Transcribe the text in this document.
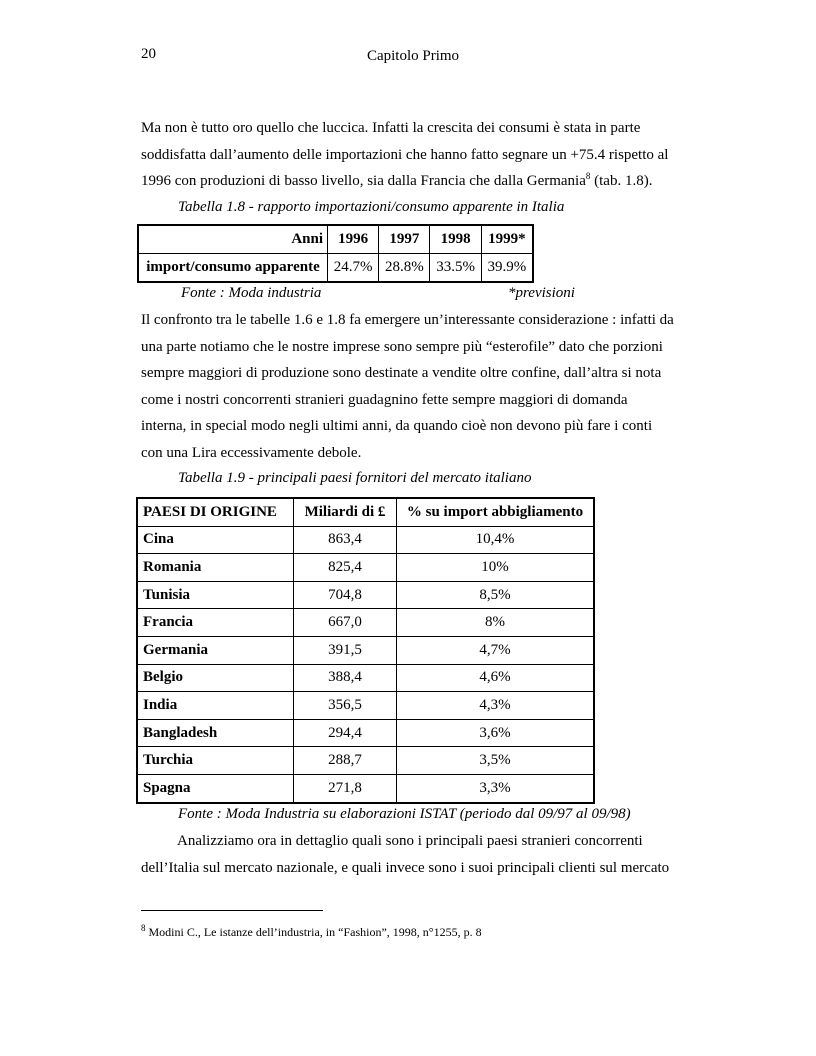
20	Capitolo Primo
Ma non è tutto oro quello che luccica. Infatti la crescita dei consumi è stata in parte
soddisfatta dall’aumento delle importazioni che hanno fatto segnare un +75.4 rispetto al
1996 con produzioni di basso livello, sia dalla Francia che dalla Germania$^8$ (tab. 1.8).
Tabella 1.8 - rapporto importazioni/consumo apparente in Italia
Anni	1996	1997	1998	1999*
import/consumo apparente	24.7%	28.8%	33.5%	39.9%
Fonte : Moda industria	*previsioni
Il confronto tra le tabelle 1.6 e 1.8 fa emergere un’interessante considerazione : infatti da
una parte notiamo che le nostre imprese sono sempre più “esterofile” dato che porzioni
sempre maggiori di produzione sono destinate a vendite oltre confine, dall’altra si nota
come i nostri concorrenti stranieri guadagnino fette sempre maggiori di domanda
interna, in special modo negli ultimi anni, da quando cioè non devono più fare i conti
con una Lira eccessivamente debole.
Tabella 1.9 - principali paesi fornitori del mercato italiano
PAESI DI ORIGINE	Miliardi di £	% su import abbigliamento
Cina	863,4	10,4%
Romania	825,4	10%
Tunisia	704,8	8,5%
Francia	667,0	8%
Germania	391,5	4,7%
Belgio	388,4	4,6%
India	356,5	4,3%
Bangladesh	294,4	3,6%
Turchia	288,7	3,5%
Spagna	271,8	3,3%
Fonte : Moda Industria su elaborazioni ISTAT (periodo dal 09/97 al 09/98)
Analizziamo ora in dettaglio quali sono i principali paesi stranieri concorrenti
dell’Italia sul mercato nazionale, e quali invece sono i suoi principali clienti sul mercato
$^8$ Modini C., Le istanze dell’industria, in “Fashion”, 1998, n°1255, p. 8
